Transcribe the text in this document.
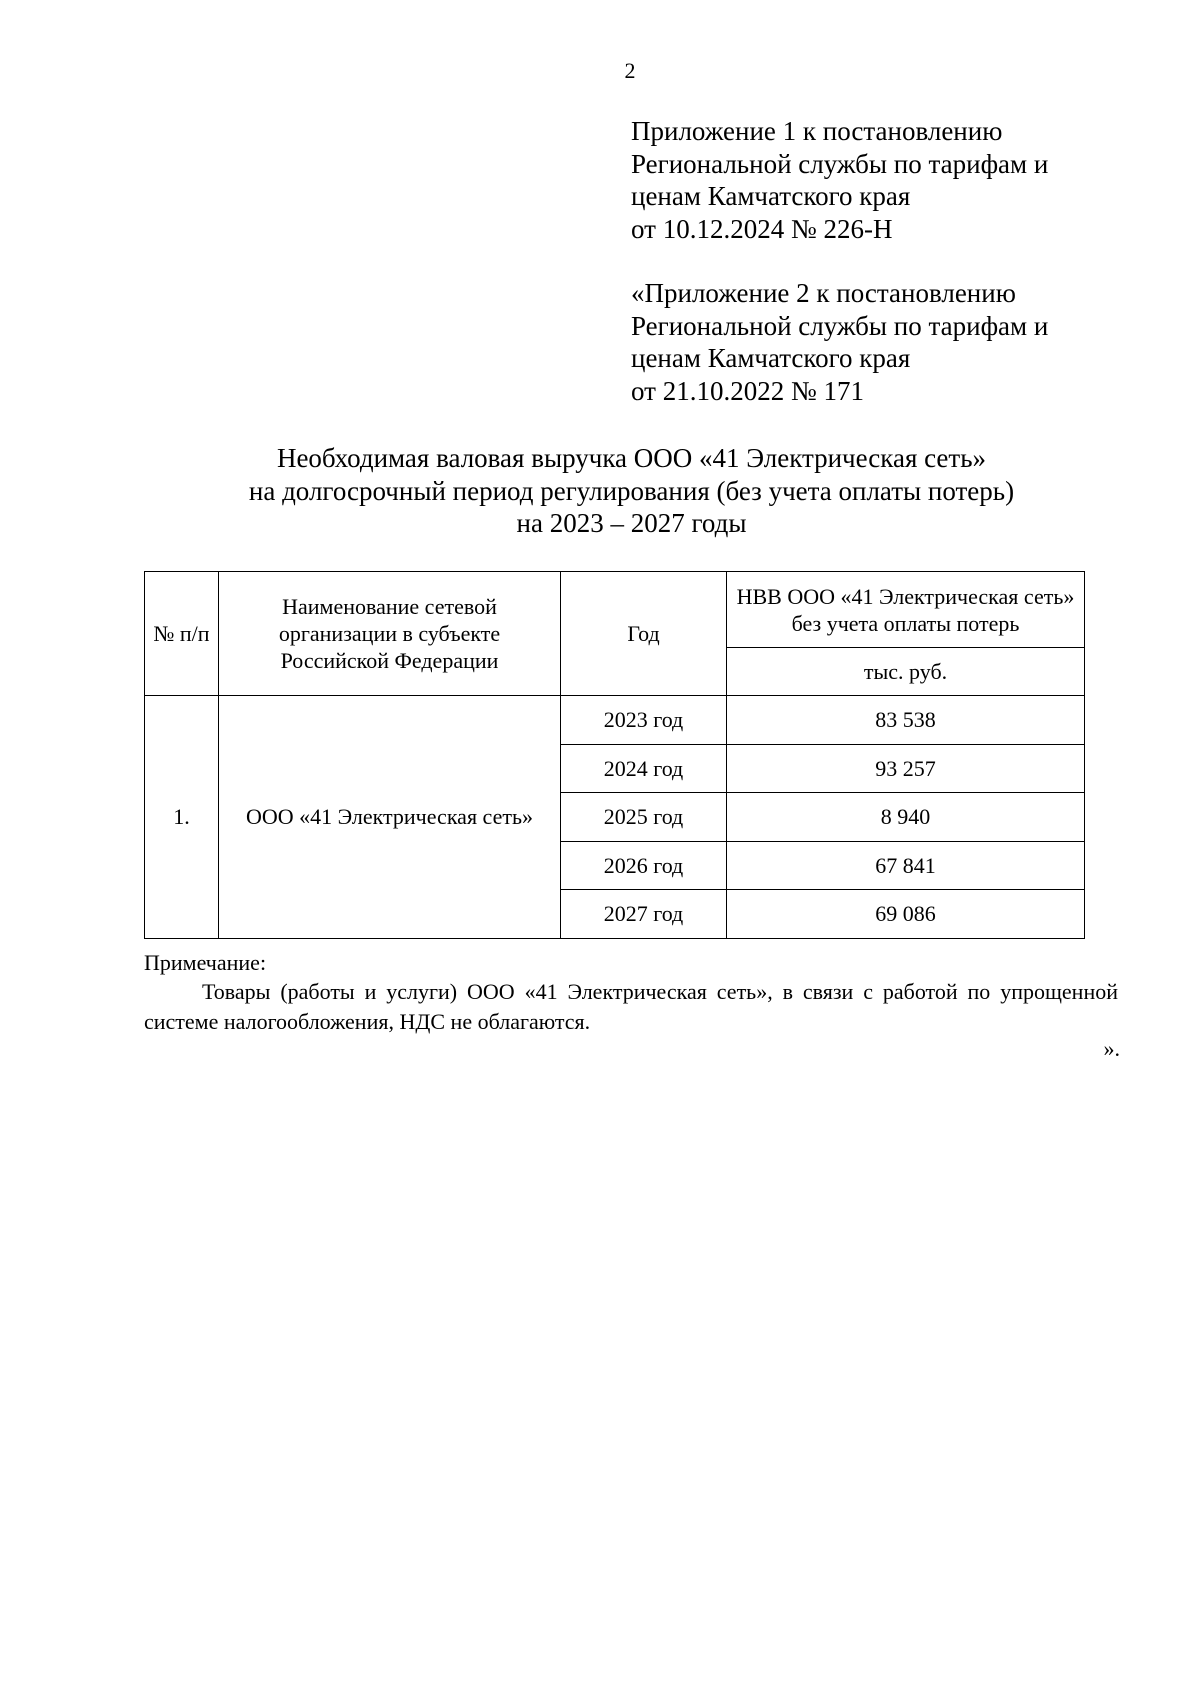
2
Приложение 1 к постановлению
Региональной службы по тарифам и
ценам Камчатского края
от 10.12.2024 № 226-Н
«Приложение 2 к постановлению
Региональной службы по тарифам и
ценам Камчатского края
от 21.10.2022 № 171
Необходимая валовая выручка ООО «41 Электрическая сеть»
на долгосрочный период регулирования (без учета оплаты потерь)
на 2023 – 2027 годы
№ п/п	Наименование сетевой организации в субъекте Российской Федерации	Год	НВВ ООО «41 Электрическая сеть» без учета оплаты потерь
			тыс. руб.
1.	ООО «41 Электрическая сеть»	2023 год	83 538
		2024 год	93 257
		2025 год	8 940
		2026 год	67 841
		2027 год	69 086
Примечание:
Товары (работы и услуги) ООО «41 Электрическая сеть», в связи с работой по упрощенной системе налогообложения, НДС не облагаются.
».
